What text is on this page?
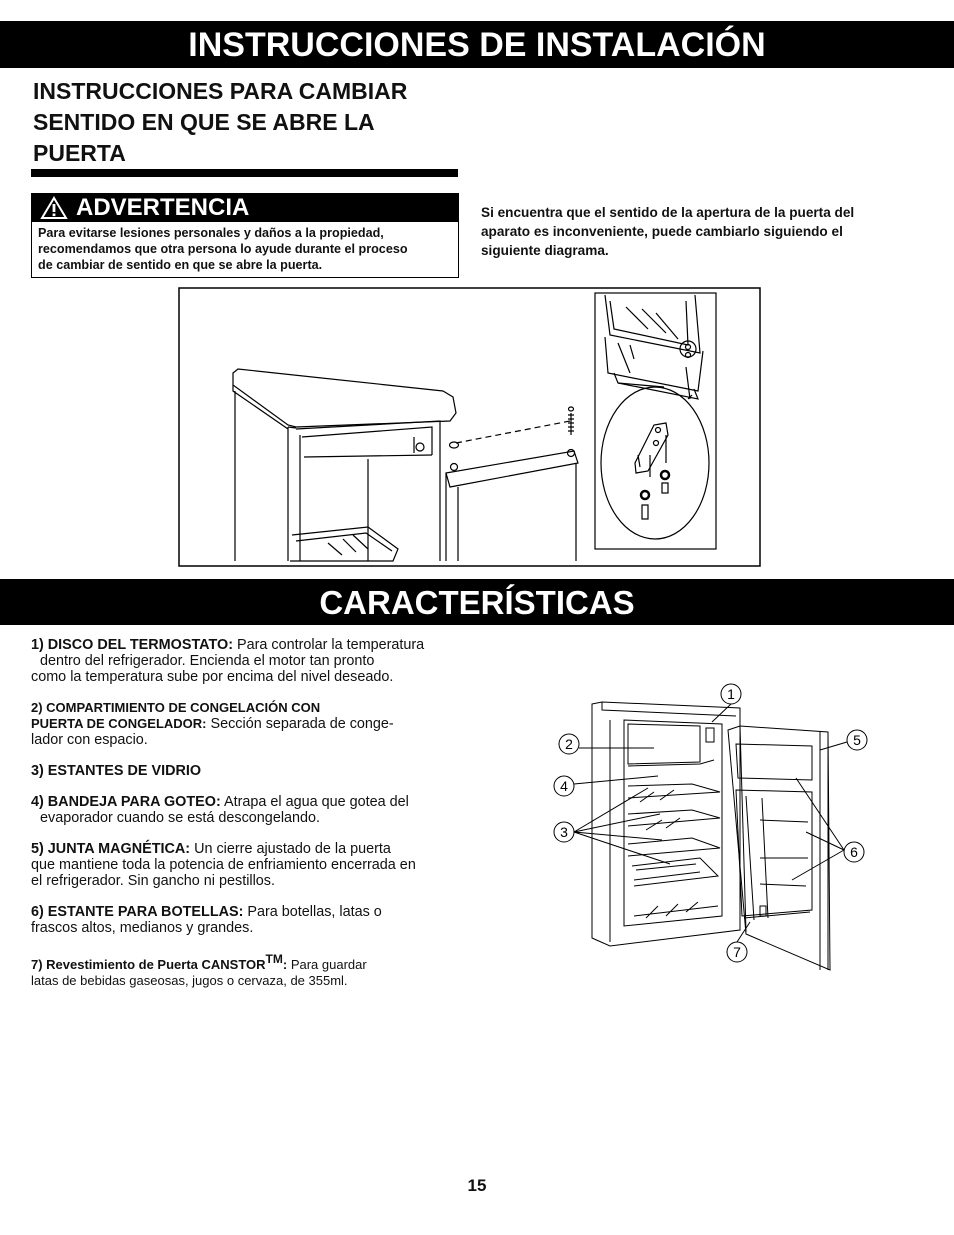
INSTRUCCIONES DE INSTALACIÓN
INSTRUCCIONES PARA CAMBIAR
SENTIDO EN QUE SE ABRE LA
PUERTA
ADVERTENCIA
Para evitarse lesiones personales y daños a la propiedad,
recomendamos que otra persona lo ayude durante el proceso
de cambiar de sentido en que se abre la puerta.
Si encuentra que el sentido de la apertura de la puerta del
aparato es inconveniente, puede cambiarlo siguiendo el
siguiente diagrama.
CARACTERÍSTICAS
1) DISCO DEL TERMOSTATO: Para controlar la temperatura
dentro del refrigerador. Encienda el motor tan pronto
como la temperatura sube por encima del nivel deseado.
2) COMPARTIMIENTO DE CONGELACIÓN CON
PUERTA DE CONGELADOR: Sección separada de conge-
lador con espacio.
3) ESTANTES DE VIDRIO
4) BANDEJA PARA GOTEO: Atrapa el agua que gotea del
evaporador cuando se está descongelando.
5) JUNTA MAGNÉTICA: Un cierre ajustado de la puerta
que mantiene toda la potencia de enfriamiento encerrada en
el refrigerador. Sin gancho ni pestillos.
6) ESTANTE PARA BOTELLAS: Para botellas, latas o
frascos altos, medianos y grandes.
7) Revestimiento de Puerta CANSTOR™: Para guardar
latas de bebidas gaseosas, jugos o cervaza, de 355ml.
1
2
3
4
5
6
7
15
